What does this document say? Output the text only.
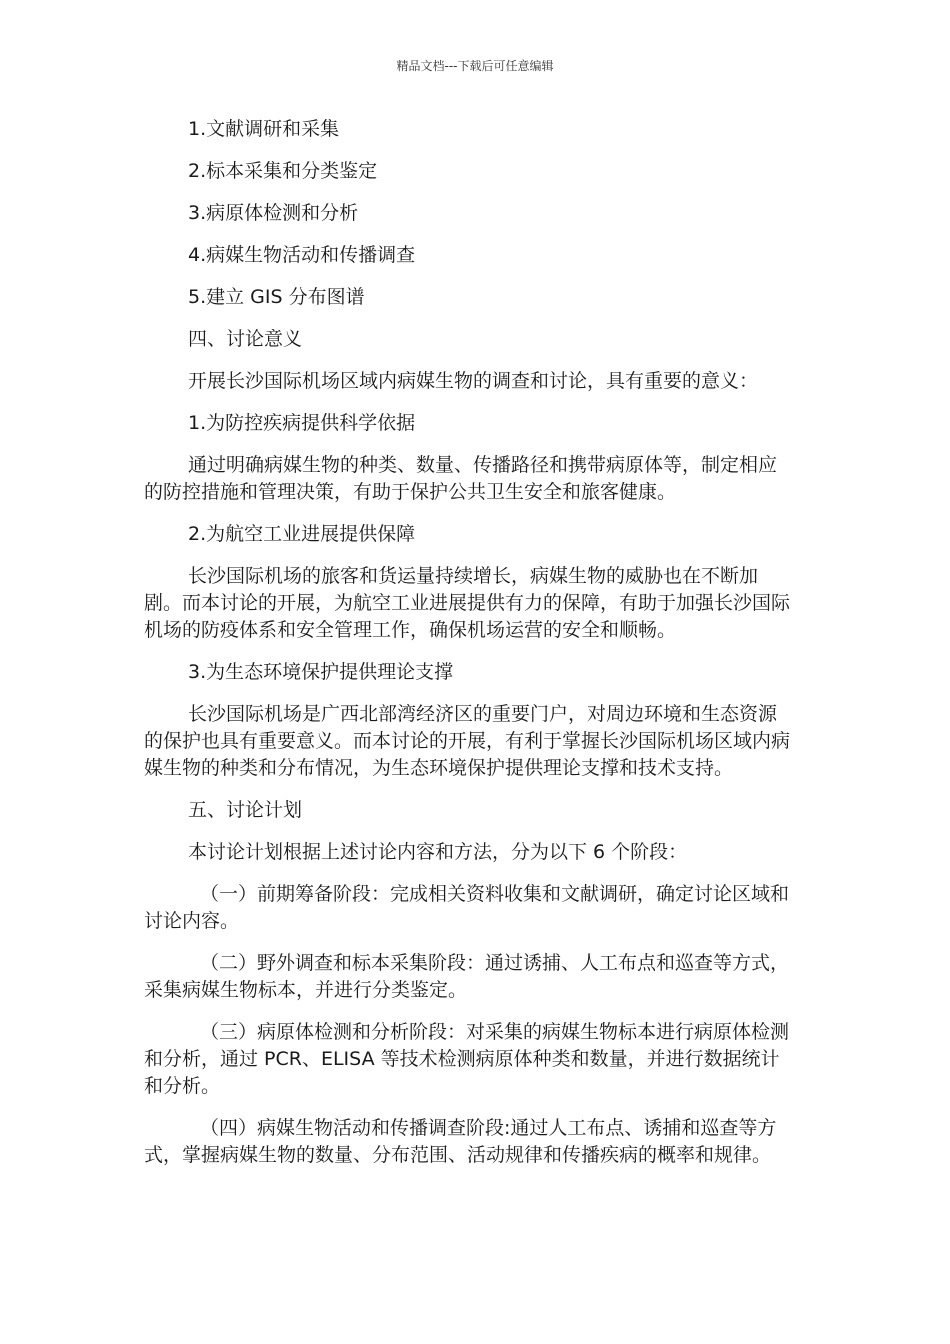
精品文档---下载后可任意编辑

1.文献调研和采集

2.标本采集和分类鉴定

3.病原体检测和分析

4.病媒生物活动和传播调查

5.建立 GIS 分布图谱

四、讨论意义

开展长沙国际机场区域内病媒生物的调查和讨论，具有重要的意义：

1.为防控疾病提供科学依据

通过明确病媒生物的种类、数量、传播路径和携带病原体等，制定相应的防控措施和管理决策，有助于保护公共卫生安全和旅客健康。

2.为航空工业进展提供保障

长沙国际机场的旅客和货运量持续增长，病媒生物的威胁也在不断加剧。而本讨论的开展，为航空工业进展提供有力的保障，有助于加强长沙国际机场的防疫体系和安全管理工作，确保机场运营的安全和顺畅。

3.为生态环境保护提供理论支撑

长沙国际机场是广西北部湾经济区的重要门户，对周边环境和生态资源的保护也具有重要意义。而本讨论的开展，有利于掌握长沙国际机场区域内病媒生物的种类和分布情况，为生态环境保护提供理论支撑和技术支持。

五、讨论计划

本讨论计划根据上述讨论内容和方法，分为以下 6 个阶段：

（一）前期筹备阶段：完成相关资料收集和文献调研，确定讨论区域和讨论内容。

（二）野外调查和标本采集阶段：通过诱捕、人工布点和巡查等方式，采集病媒生物标本，并进行分类鉴定。

（三）病原体检测和分析阶段：对采集的病媒生物标本进行病原体检测和分析，通过 PCR、ELISA 等技术检测病原体种类和数量，并进行数据统计和分析。

（四）病媒生物活动和传播调查阶段:通过人工布点、诱捕和巡查等方式，掌握病媒生物的数量、分布范围、活动规律和传播疾病的概率和规律。
